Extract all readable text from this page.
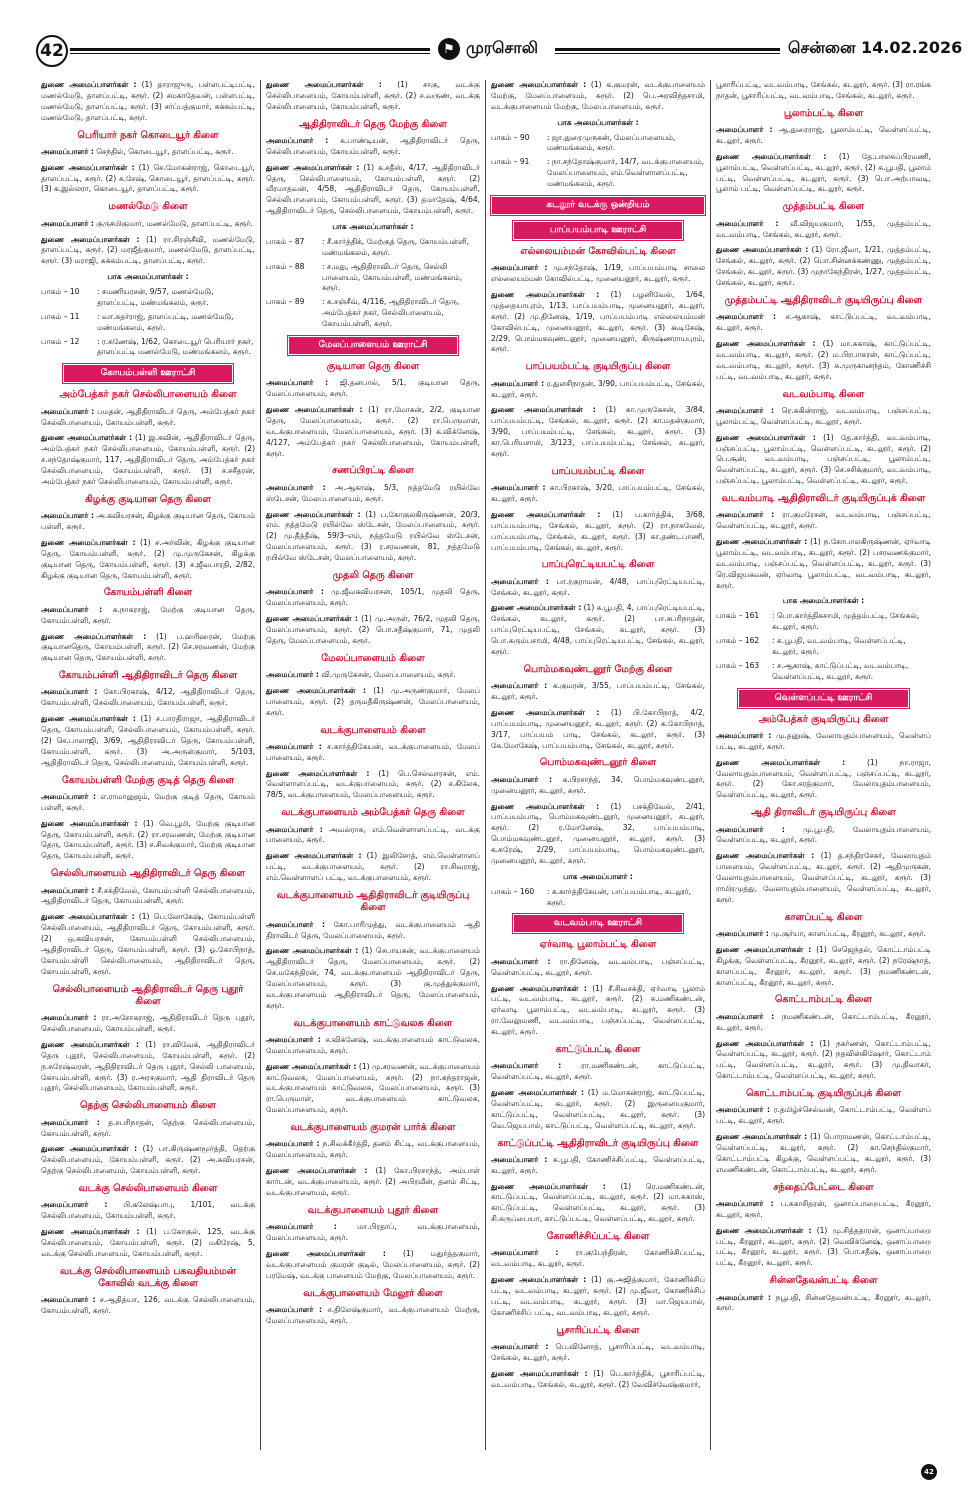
42	⚑ முரசொலி	சென்னை 14.02.2026
துணை அமைப்பாளர்கள் : (1) தாராஜுரு, பள்ளபட்டிபட்டி, மணல்மேடு, தாளப்பட்டி, கரூர். (2) சமகாதேவன், பள்ளபட்டி, மணல்மேடு, தாளப்பட்டி, கரூர். (3) சர்ப்பத்குமார், சுக்கம்பட்டி, மணல்மேடு, தாளப்பட்டி, கரூர்.
பெரியார் நகர் கொடையூர் கிளை
அமைப்பாளர் : செந்தில், கொடையூர், தாளப்பட்டி, கரூர்.
துணை அமைப்பாளர்கள் : (1) செ.மோகன்ராஜ், கொடையூர், தாளப்பட்டி, கரூர். (2) க.சேஷ், கொடையூர், தாளப்பட்டி, கரூர். (3) க.இல்லரா, கொடையூர், தாளப்பட்டி, கரூர்.
மணல்மேடு கிளை
அமைப்பாளர் : குருசமிகுமார், மணல்மேடு, தாளப்பட்டி, கரூர்.
துணை அமைப்பாளர்கள் : (1) ரா.சிரஞ்சீவி, மணல்மேடு, தாளப்பட்டி, கரூர். (2) மரஜீத்குமார், மணல்மேடு, தாளப்பட்டி, கரூர். (3) மராஜி, சுக்கம்பட்டி, தாளப்பட்டி, கரூர்.
பாக அமைப்பாளர்கள் :
பாகம் – 10	: சமணியரசன், 9/57, மணல்மேடு, தாளப்பட்டி, மண்மங்கலம், கரூர்.
பாகம் – 11	: வா.கதர்ராஜ், தாளப்பட்டி, மணல்மேடு, மண்மங்கலம், கரூர்.
பாகம் – 12	: ர.கணேஷ், 1/62, கொடையூர் பெரியார் நகர், தாளப்பட்டி மணல்மேடு, மண்மங்கலம், கரூர்.
கோயம்பள்ளி ஊராட்சி
அம்பேத்கர் நகர் செல்லிபாளையம் கிளை
அமைப்பாளர் : பமதன், ஆதிதிராவிடர் தெரு, அம்பேத்கர் நகர் செல்லிபாளையம், கோயம்பள்ளி, கரூர்.
துணை அமைப்பாளர்கள் : (1) இ.கவின், ஆதிதிராவிடர் தெரு, அம்பேத்கர் நகர் செல்லிபாளையம், கோயம்பள்ளி, கரூர். (2) ச.சந்தோஷ்குமார், 117, ஆதிதிராவிடர் தெரு, அம்பேத்கர் நகர் செல்லிபாளையம், கோயம்பள்ளி, கரூர். (3) ச.சசீதரன், அம்பேத்கர் நகர் செல்லிபாளையம், கோயம்பள்ளி, கரூர்.
கிழக்கு குடியான தெரு கிளை
அமைப்பாளர் : அ.கவியரசன், கிழக்கு குடியான தெரு, கோயம் பள்ளி, கரூர்.
துணை அமைப்பாளர்கள் : (1) ச.அர்வின், கிழக்கு குடியான தெரு, கோயம்பள்ளி, கரூர். (2) மு.முருகேசன், கிழக்கு குடியான தெரு, கோயம்பள்ளி, கரூர். (3) ச.ஜீவபாரதி, 2/82, கிழக்கு குடியான தெரு, கோயம்பள்ளி, கரூர்.
கோயம்பள்ளி கிளை
அமைப்பாளர் : க.நாகராஜ், மேற்கு குடியான தெரு, கோயம்பள்ளி, கரூர்.
துணை அமைப்பாளர்கள் : (1) ப.ஹரிஹரன், மேற்கு குடியானதெரு, கோயம்பள்ளி, கரூர். (2) செ.சரவணன், மேற்கு குடியான தெரு, கோயம்பள்ளி, கரூர்.
கோயம்பள்ளி ஆதிதிராவிடர் தெரு கிளை
அமைப்பாளர் : கோ.பிரகாஷ், 4/12, ஆதிதிராவிடர் தெரு, கோயம்பள்ளி, செல்லிபாளையம், கோயம்பள்ளி, கரூர்.
துணை அமைப்பாளர்கள் : (1) ச.பாரதிராஜா, ஆதிதிராவிடர் தெரு, கோயம்பள்ளி, செல்லிபாளையம், கோயம்பள்ளி, கரூர். (2) செ.பாலாஜி, 3/69, ஆதிதிராவிடர் தெரு, கோயம்பள்ளி, கோயம்பள்ளி, கரூர். (3) அ.அருள்குமார், 5/103, ஆதிதிராவிடர் தெரு, செல்லிபாளையம், கோயம்பள்ளி, கரூர்.
கோயம்பள்ளி மேற்கு குடித் தெரு கிளை
அமைப்பாளர் : எ.ராமானுஜம், மேற்கு குடித் தெரு, கோயம் பள்ளி, கரூர்.
துணை அமைப்பாளர்கள் : (1) வெ.பூமி, மேற்கு குடியான தெரு, கோயம்பள்ளி, கரூர். (2) ரா.சரவணன், மேற்கு குடியான தெரு, கோயம்பள்ளி, கரூர். (3) ச.சிவக்குமார், மேற்கு குடியான தெரு, கோயம்பள்ளி, கரூர்.
செல்லிபாளையம் ஆதிதிராவிடர் தெரு கிளை
அமைப்பாளர் : சீ.சக்திவேல், கோயம்பள்ளி செல்லிபாளையம், ஆதிதிராவிடர் தெரு, கோயம்பள்ளி, கரூர்.
துணை அமைப்பாளர்கள் : (1) பெ.லோகேஷ், கோயம்பள்ளி செல்லிபாளையம், ஆதிதிராவிடர் தெரு, கோயம்பள்ளி, கரூர். (2) ஒ.கவியரசன், கோயம்பள்ளி செல்லிபாளையம், ஆதிதிராவிடர் தெரு, கோயம்பள்ளி, கரூர். (3) ஓ.கோபிநாத், கோயம்பள்ளி செல்லிபாளையம், ஆதிதிராவிடர் தெரு, கோயம்பள்ளி, கரூர்.
செல்லிபாளையம் ஆதிதிராவிடர் தெரு புதூர் கிளை
அமைப்பாளர் : ரா.அசோகராஜ், ஆதிதிராவிடர் தெரு புதூர், செல்லிபாளையம், கோயம்பள்ளி, கரூர்.
துணை அமைப்பாளர்கள் : (1) ரா.விவேக், ஆதிதிராவிடர் தெரு புதூர், செல்லிபாளையம், கோயம்பள்ளி, கரூர். (2) ந.சுரேஷ்வரன், ஆதிதிராவிடர் தெரு புதூர், செல்லி பாளையம், கோயம்பள்ளி, கரூர். (3) ர.அரசகுமார், ஆதி திராவிடர் தெரு புதூர், செல்லிபாளையம், கோயம்பள்ளி, கரூர்.
தெற்கு செல்லிபாளையம் கிளை
அமைப்பாளர் : த.சபரிநாதன், தெற்கு செல்லிபாளையம், கோயம்பள்ளி, கரூர்.
துணை அமைப்பாளர்கள் : (1) பா.கிருஷ்ணமூர்த்தி, தெற்கு செல்லிபாளையம், கோயம்பள்ளி, கரூர். (2) அ.கவியரசன், தெற்கு செல்லிபாளையம், கோயம்பள்ளி, கரூர்.
வடக்கு செல்லிபாளையம் கிளை
அமைப்பாளர் : பி.கலேஷ்பாபு, 1/101, வடக்கு செல்லிபாளையம், கோயம்பள்ளி, கரூர்.
துணை அமைப்பாளர்கள் : (1) ப.கோகுல், 125, வடக்கு செல்லிபாளையம், கோயம்பள்ளி, கரூர். (2) மகிரேஷ், 5, வடக்கு செல்லிபாளையம், கோயம்பள்ளி, கரூர்.
வடக்கு செல்லிபாளையம் பகவதியம்மன் கோவில் வடக்கு கிளை
அமைப்பாளர் : ச.ஆதித்யா, 126, வடக்கு செல்லிபாளையம், கோயம்பள்ளி, கரூர்.
துணை அமைப்பாளர்கள் : (1) சாகு, வடக்கு செல்லிபாளையம், கோயம்பள்ளி, கரூர். (2) ச.வருண், வடக்கு செல்லிபாளையம், கோயம்பள்ளி, கரூர்.
ஆதிதிராவிடர் தெரு மேற்கு கிளை
அமைப்பாளர் : க.பாண்டியன், ஆதிதிராவிடர் தெரு, செல்லிபாளையம், கோயம்பள்ளி, கரூர்.
துணை அமைப்பாளர்கள் : (1) க.சதீஸ், 4/17, ஆதிதிராவிடர் தெரு, செல்லிபாளையம், கோயம்பள்ளி, கரூர். (2) வீரமாதவன், 4/58, ஆதிதிராவிடர் தெரு, கோயம்பள்ளி, செல்லிபாளையம், கோயம்பள்ளி, கரூர். (3) தமாதேஷ், 4/64, ஆதிதிராவிடர் தெரு, செல்லிபாளையம், கோயம்பள்ளி, கரூர்.
பாக அமைப்பாளர்கள் :
பாகம் – 87	: சீ.கார்த்திக், மேற்குத் தெரு, கோயம்பள்ளி, மண்மங்கலம், கரூர்.
பாகம் – 88	: ச.மது, ஆதிதிராவிடர் தெரு, செல்லி பாளையம், கோயம்பள்ளி, மண்மங்கலம், கரூர்.
பாகம் – 89	: க.சஞ்சீவ், 4/116, ஆதிதிராவிடர் தெரு, அம்பேத்கர் நகர், செல்லிபாளையம், கோயம்பள்ளி, கரூர்.
மேலப்பாளையம் ஊராட்சி
குடியான தெரு கிளை
அமைப்பாளர் : ஜி.தனபால், 5/1, குடியான தெரு, மேலப்பாளையம், கரூர்.
துணை அமைப்பாளர்கள் : (1) ரா.மோகன், 2/2, குடியான தெரு, மேலப்பாளையம், கரூர். (2) ரா.பெருமாள், வடக்குபாளையம், மேலப்பாளையம், கரூர். (3) க.விக்னேஷ், 4/127, அம்பேத்கர் நகர் செல்லிபாளையம், கோயம்பள்ளி, கரூர்.
சணப்பிரட்டி கிளை
அமைப்பாளர் : அ.ஆகாஷ், 5/3, நத்தமேடு ரயில்வே ஸ்டேசன், மேலப்பாளையம், கரூர்.
துணை அமைப்பாளர்கள் : (1) ப.கோகுலகிருஷ்ணன், 20/3, எம். நத்தமேடு ரயில்வே ஸ்டேசன், மேலப்பாளையம், கரூர். (2) மு.தீத்தீஷ், 59/3–எம், நத்தமேடு ரயில்வே ஸ்டேசன், மேலப்பாளையம், கரூர். (3) ர.சரவணன், 81, நத்தமேடு ரயில்வே ஸ்டேசன், மேலப்பாளையம், கரூர்.
முதலி தெரு கிளை
அமைப்பாளர் : மு.ஜீவகவியரசன், 105/1, முதலி தெரு, மேலப்பாளையம், கரூர்.
துணை அமைப்பாளர்கள் : (1) மு.அருள், 76/2, முதலி தெரு, மேலப்பாளையம், கரூர். (2) பொ.சதீஷ்குமார், 71, முதலி தெரு, மேலப்பாளையம், கரூர்.
மேலப்பாளையம் கிளை
அமைப்பாளர் : வி.முருகேசன், மேலப்பாளையம், கரூர்.
துணை அமைப்பாளர்கள் : (1) மு.அருண்குமார், மேலப் பாளையம், கரூர். (2) தருமதீகிருஷ்ணன், மேலப்பாளையம், கரூர்.
வடக்குபாளையம் கிளை
அமைப்பாளர் : ச.கார்த்திகேயன், வடக்குபாளையம், மேலப் பாளையம், கரூர்.
துணை அமைப்பாளர்கள் : (1) பெ.செல்வாரசன், எம். வெள்ளாளப்பட்டி, வடக்குபாளையம், கரூர். (2) ச.கிலேசு, 78/5, வடக்குபாளையம், மேலப்பாளையம், கரூர்.
வடக்குபாளையம் அம்பேத்கர் தெரு கிளை
அமைப்பாளர் : அவல்ராசு, எம்.வெள்ளாளப்பட்டி, வடக்கு பாளையம், கரூர்.
துணை அமைப்பாளர்கள் : (1) இலிசோத், எம்.வெள்ளாளப் பட்டி, வடக்குபாளையம், கரூர். (2) ரா.சிவராஜ், எம்.வெள்ளாளப் பட்டி, வடக்குபாளையம், கரூர்.
வடக்குபாளையம் ஆதிதிராவிடர் குடியிருப்பு கிளை
அமைப்பாளர் : கோ.பாரிமுத்து, வடக்குபாளையம் ஆதி திராவிடர் தெரு, மேலப்பாளையம், கரூர்.
துணை அமைப்பாளர்கள் : (1) செபாயகன், வடக்குபாளையம் ஆதிதிராவிடர் தெரு, மேலப்பாளையம், கரூர். (2) செ.மகேந்திரன், 74, வடக்குபாளையம் ஆதிதிராவிடர் தெரு, மேலப்பாளையம், கரூர். (3) கு.முத்துக்குமார், வடக்குபாளையம் ஆதிதிராவிடர் தெரு, மேலப்பாளையம், கரூர்.
வடக்குபாளையம் காட்டுவலசு கிளை
அமைப்பாளர் : ச.விக்னேஷ், வடக்குபாளையம் காட்டுவலசு, மேலப்பாளையம், கரூர்.
துணை அமைப்பாளர்கள் : (1) மு.சரவணன், வடக்குபாளையம் காட்டுவலசு, மேலப்பாளையம், கரூர். (2) நா.கந்தராஜன், வடக்குபாளையம் காட்டுவலசு, மேலப்பாளையம், கரூர். (3) ரா.பெருமாள், வடக்குபாளையம் காட்டுவலசு, மேலப்பாளையம், கரூர்.
வடக்குபாளையம் குமரன் பார்க் கிளை
அமைப்பாளர் : ந.சிவக்கீர்த்தி, தனம் சிட்டி, வடக்குபாளையம், மேலப்பாளையம், கரூர்.
துணை அமைப்பாளர்கள் : (1) கோ.பிரசாந்த், அம்பாள் கார்டன், வடக்குபாளையம், கரூர். (2) அபிரவீன், தனம் சிட்டி, வடக்குபாளையம், கரூர்.
வடக்குபாளையம் புதூர் கிளை
அமைப்பாளர் :	மா.பிரதாப், வடக்குபாளையம், மேலப்பாளையம், கரூர்.
துணை அமைப்பாளர்கள் : (1) மதுர்த்தகுமார், வடக்குபாளையம் குமரன் குடில், மேலப்பாளையம், கரூர். (2) பரமேஷ், வடக்கு பாளையம் மேற்கு, மேலப்பாளையம், கரூர்.
வடக்குபாளையம் மேலூர் கிளை
அமைப்பாளர் : ச.திலேஷ்குமார், வடக்குபாளையம் மேற்கு, மேலப்பாளையம், கரூர்.
துணை அமைப்பாளர்கள் : (1) க.குமரன், வடக்குபாளையம் மேற்கு, மேலப்பாளையம், கரூர். (2) பெ.அரவிந்தசாமி, வடக்குபாளையம் மேற்கு, மேலப்பாளையம், கரூர்.
பாக அமைப்பாளர்கள் :
பாகம் – 90	: ஜா.துரைமுருகன், மேலப்பாளையம், மண்மங்கலம், கரூர்.
பாகம் – 91	: நா.சந்தோஷ்குமார், 14/7, வடக்குபாளையம், மேலப்பாளையம், எம்.வெள்ளாளப்பட்டி, மண்மங்கலம், கரூர்.
கடலூர் வடக்கு ஒன்றியம்
பாப்பயம்பாடி ஊராட்சி
எல்லையம்மன் கோவில்பட்டி கிளை
அமைப்பாளர் : மு.சந்தோஷ், 1/19, பாப்பயம்பாடி சாலை எல்லையம்மன் கோவில்பட்டி, முனையனூர், கடலூர், கரூர்.
துணை அமைப்பாளர்கள் : (1) பழனிவேல், 1/64, முத்தையாபுரம், 1/13, பாப்பயம்பாடி, முனையனூர், கடலூர், கரூர். (2) மு.தினேஷ், 1/19, பாப்பயம்பாடி எல்லையம்மன் கோவில்பட்டி, முனையனூர், கடலூர், கரூர். (3) கூடிசேஷ், 2/29, பொம்மகவுண்டனூர், முனையனூர், கிருஷ்ணராயபுரம், கரூர்.
பாப்பயம்பட்டி குடியிருப்பு கிளை
அமைப்பாளர் : ர.துளசிநாதன், 3/90, பாப்பயம்பட்டி, சேங்கல், கடலூர், கரூர்.
துணை அமைப்பாளர்கள் : (1) கா.முருகேசன், 3/84, பாப்பயம்பட்டி, சேங்கல், கடலூர், கரூர். (2) கா.மதன்குமார், 3/90, பாப்பயம்பட்டி, சேங்கல், கடலூர், கரூர். (3) கா.பெரியசாமி, 3/123, பாப்பயம்பட்டி, சேங்கல், கடலூர், கரூர்.
பாப்பயம்பட்டி கிளை
அமைப்பாளர் : கா.பிரகாஷ், 3/20, பாப்பயம்பட்டி, சேங்கல், கடலூர், கரூர்.
துணை அமைப்பாளர்கள் : (1) ப.கார்த்திக், 3/68, பாப்பயம்பாடி, சேங்கல், கடலூர், கரூர். (2) ரா.நாகவேல், பாப்பயம்பாடி, சேங்கல், கடலூர், கரூர். (3) கா.தண்டபாணி, பாப்பயம்பாடி, சேங்கல், கடலூர், கரூர்.
பாப்புரெட்டியபட்டி கிளை
அமைப்பாளர் : பா.ரகுராமன், 4/48, பாப்புரெட்டியபட்டி, சேங்கல், கடலூர், கரூர்.
துணை அமைப்பாளர்கள் : (1) சு.பூபதி, 4, பாப்புரெட்டியபட்டி, சேங்கல், கடலூர், கரூர். (2) பா.சபரிநாதன், பாப்புரெட்டியபட்டி, சேங்கல், கடலூர், கரூர். (3) பொ.சுரும்பசாமி, 4/48, பாப்புரெட்டியபட்டி, சேங்கல், கடலூர், கரூர்.
பொம்மகவுண்டனூர் மேற்கு கிளை
அமைப்பாளர் : க.குமரன், 3/55, பாப்பயம்பட்டி, சேங்கல், கடலூர், கரூர்.
துணை அமைப்பாளர்கள் : (1) பி.கோபிநாத், 4/2, பாப்பயம்பாடி, முனையனூர், கடலூர், கரூர். (2) க.கோபிநாத், 3/17, பாப்பயம் பாடி, சேங்கல், கடலூர், கரூர். (3) கே.மோகேஷ், பாப்பயம்பாடி, சேங்கல், கடலூர், கரூர்.
பொம்மகவுண்டனூர் கிளை
அமைப்பாளர் : க.பிரசாந்த், 34, பொம்மகவுண்டனூர், முனையனூர், கடலூர், கரூர்.
துணை அமைப்பாளர்கள் : (1) பசக்திவேல், 2/41, பாப்பயம்பாடி, பொம்மகவுண்டனூர், முனையனூர், கடலூர், கரூர். (2) ர.மோனேஷ், 32, பாப்பயம்பாடி, பொம்மகவுண்டனூர், முனையனூர், கடலூர், கரூர். (3) க.சுரேஷ், 2/29, பாப்பயம்பாடி, பொம்மகவுண்டனூர், முனையனூர், கடலூர், கரூர்.
பாக அமைப்பாளர் :
பாகம் – 160	: க.கார்த்திகேயன், பாப்பயம்பாடி, கடலூர், கரூர்.
வடவம்பாடி ஊராட்சி
ஏர்வாடி பூலாம்பட்டி கிளை
அமைப்பாளர் : ரா.தினேஷ், வடவம்பாடி, பஞ்சப்பட்டி, வெள்ளப்பட்டி, கடலூர், கரூர்.
துணை அமைப்பாளர்கள் : (1) சீ.சிவசக்தி, ஏர்வாடி பூலாம் பட்டி, வடவம்பாடி, கடலூர், கரூர். (2) சு.மணிகண்டன், ஏர்வாடி பூலாம்பட்டி, வடவம்பாடி, கடலூர், கரூர். (3) ரா.வேலுமணி, வடவம்பாடி, பஞ்சப்பட்டி, வெள்ளப்பட்டி, கடலூர், கரூர்.
காட்டுப்பட்டி கிளை
அமைப்பாளர் :	ரா.மணிகண்டன், காட்டுப்பட்டி, வெள்ளப்பட்டி, கடலூர், கரூர்.
துணை அமைப்பாளர்கள் : (1) ம.மோகன்ராஜ், காட்டுப்பட்டி, வெள்ளப்பட்டி, கடலூர், கரூர். (2) இருளையகுமார், காட்டுப்பட்டி, வெள்ளப்பட்டி, கடலூர், கரூர். (3) வெ.ஜெயபால், காட்டுப்பட்டி, வெள்ளப்பட்டி, கடலூர், கரூர்.
காட்டுப்பட்டி ஆதிதிராவிடர் குடியிருப்பு கிளை
அமைப்பாளர் : சு.பூபதி, கோணிச்சிப்பட்டி, வெள்ளப்பட்டி, கடலூர், கரூர்.
துணை அமைப்பாளர்கள் : (1) ரெ.மணிகண்டன், காட்டுப்பட்டி, வெள்ளப்பட்டி, கடலூர், கரூர். (2) மா.சுகாஸ், காட்டுப்பட்டி, வெள்ளப்பட்டி, கடலூர், கரூர். (3) சி.சுருப்பையா, காட்டுப்பட்டி, வெள்ளப்பட்டி, கடலூர், கரூர்.
கோணிச்சிப்பட்டி கிளை
அமைப்பாளர் : ரா.குபேந்திரன், கோணிச்சிப்பட்டி, வடவம்பாடி, கடலூர், கரூர்.
துணை அமைப்பாளர்கள் : (1) கு.அஜித்குமார், கோணிச்சிப் பட்டி, வடவம்பாடி, கடலூர், கரூர். (2) மு.ஜீவா, கோணிச்சிப் பட்டி, வடவம்பாடி, கடலூர், கரூர். (3) மா.ஜெயபால், கோணிச்சிப் பட்டி, வடவம்பாடி, கடலூர், கரூர்.
பூசாரிப்பட்டி கிளை
அமைப்பாளர் : பெ.வினோத், பூசாரிப்பட்டி, வடவம்பாடி, சேங்கல், கடலூர், கரூர்.
துணை அமைப்பாளர்கள் : (1) பெ.கார்த்திக், பூசாரிப்பட்டி, வடவம்பாடி, சேங்கல், கடலூர், கரூர். (2) வேவிச்வேஷ்குமார்,
பூசாரிப்பட்டி, வடவம்பாடி, சேங்கல், கடலூர், கரூர். (3) ரா.ரங்க நாதன், பூசாரிப்பட்டி, வடவம்பாடி, சேங்கல், கடலூர், கரூர்.
பூலாம்பட்டி கிளை
அமைப்பாளர் : ஆ.துரைராஜ், பூலாம்பட்டி, வெள்ளப்பட்டி, கடலூர், கரூர்.
துணை அமைப்பாளர்கள் : (1) தே.பாலசுப்பிரமணி, பூலாம்பட்டி, வெள்ளப்பட்டி, கடலூர், கரூர். (2) சு.பூபதி, பூலாம் பட்டி, வெள்ளப்பட்டி, கடலூர், கரூர். (3) பொ.அற்பாவடி, பூலாம் பட்டி, வெள்ளப்பட்டி, கடலூர், கரூர்.
முத்தம்பட்டி கிளை
அமைப்பாளர் : வீ.விஜயகுமார், 1/55, முத்தம்பட்டி, வடவம்பாடி, சேங்கல், கடலூர், கரூர்.
துணை அமைப்பாளர்கள் : (1) ரோ.ஜீவா, 1/21, முத்தம்பட்டி, சேங்கல், கடலூர், கரூர். (2) பொ.சின்னக்கண்ணு, முத்தம்பட்டி, சேங்கல், கடலூர், கரூர். (3) முநாகேந்திரன், 1/27, முத்தம்பட்டி, சேங்கல், கடலூர், கரூர்.
முத்தம்பட்டி ஆதிதிராவிடர் குடியிருப்பு கிளை
அமைப்பாளர் : ச.ஆகாஷ், காட்டுப்பட்டி, வடவம்பாடி, கடலூர், கரூர்.
துணை அமைப்பாளர்கள் : (1) மா.சுகாஷ், காட்டுப்பட்டி, வடவம்பாடி, கடலூர், கரூர். (2) ம.பிரபாகரன், காட்டுப்பட்டி, வடவம்பாடி, கடலூர், கரூர். (3) சு.முருகானந்தம், கோணிச்சி பட்டி, வடவம்பாடி, கடலூர், கரூர்.
வடவம்பாடி கிளை
அமைப்பாளர் : ரெ.சுகின்ராஜ், வடவம்பாடி, பஞ்சப்பட்டி, பூலாம்பட்டி, வெள்ளப்பட்டி, கடலூர், கரூர்.
துணை அமைப்பாளர்கள் : (1) தே.கார்த்தி, வடவம்பாடி, பஞ்சப்பட்டி, பூலாம்பட்டி, வெள்ளப்பட்டி, கடலூர், கரூர். (2) பெ.சூன், வடவம்பாடி, பஞ்சப்பட்டி, பூலாம்பட்டி, வெள்ளப்பட்டி, கடலூர், கரூர். (3) செ.சசிக்குமார், வடவம்பாடி, பஞ்சப்பட்டி, பூலாம்பட்டி, வெள்ளப்பட்டி, கடலூர், கரூர்.
வடவம்பாடி ஆதிதிராவிடர் குடியிருப்புக் கிளை
அமைப்பாளர் : ரா.குமரேசன், வடவம்பாடி, பஞ்சப்பட்டி, வெள்ளப்பட்டி, கடலூர், கரூர்.
துணை அமைப்பாளர்கள் : (1) ந.கோபாலகிருஷ்ணன், ஏர்வாடி பூலாம்பட்டி, வடவம்பாடி, கடலூர், கரூர். (2) பசரவணக்குமார், வடவம்பாடி, பஞ்சப்பட்டி, வெள்ளப்பட்டி, கடலூர், கரூர். (3) ரெ.விஜயகவன், ஏர்வாடி பூலாம்பட்டி, வடவம்பாடி, கடலூர், கரூர்.
பாக அமைப்பாளர்கள் :
பாகம் – 161	: பொ.கார்த்திகசாமி, முத்தம்பட்டி, சேங்கல், கடலூர், கரூர்.
பாகம் – 162	: சு.பூபதி, வடவம்பாடி, வெள்ளப்பட்டி, கடலூர், கரூர்.
பாகம் – 163	: ச.ஆகாஷ், காட்டுப்பட்டி, வடவம்பாடி, வெள்ளப்பட்டி, கடலூர், கரூர்.
வெள்ளப்பட்டி ஊராட்சி
அம்பேத்கர் குடியிருப்பு கிளை
அமைப்பாளர் : மு.தனுஷ், வேலாயுதம்பாளையம், வெள்ளப் பட்டி, கடலூர், கரூர்.
துணை அமைப்பாளர்கள் :	(1) நா.ராஜா, வேலாயுதம்பாளையம், வெள்ளப்பட்டி, பஞ்சப்பட்டி, கடலூர், கரூர். (2) கோ.சரத்குமார், வேலாயுதம்பாளையம், வெள்ளப்பட்டி, கடலூர், கரூர்.
ஆதி திராவிடர் குடியிருப்பு கிளை
அமைப்பாளர் : மு.பூபதி, வேலாயுதம்பாளையம், வெள்ளப்பட்டி, கடலூர், கரூர்.
துணை அமைப்பாளர்கள் : (1) த.சந்திரசேகர், வேலாயுதம் பாளையம், வெள்ளப்பட்டி, கடலூர், கரூர். (2) ஆதிமுருகன், வேலாயுதம்பாளையம், வெள்ளப்பட்டி, கடலூர், கரூர். (3) ராமிரமுத்து, வேலாயுதம்பாளையம், வெள்ளப்பட்டி, கடலூர், கரூர்.
காளப்பட்டி கிளை
அமைப்பாளர் : மு.சூர்யா, காளப்பட்டி, கீரனூர், கடலூர், கரூர்.
துணை அமைப்பாளர்கள் : (1) செஜெந்தல், கொட்டாம்பட்டி கிழக்கு, வெள்ளப்பட்டி, கீரனூர், கடலூர், கரூர். (2) நரேஷ்நாத், காளப்பட்டி, கீரனூர், கடலூர், கரூர். (3) நமணிகண்டன், காளப்பட்டி, கீரனூர், கடலூர், கரூர்.
கொட்டாம்பட்டி கிளை
அமைப்பாளர் : நமணிகண்டன், கொட்டாம்பட்டி, கீரனூர், கடலூர், கரூர்.
துணை அமைப்பாளர்கள் : (1) நகர்ணன், கொட்டாம்பட்டி, வெள்ளப்பட்டி, கடலூர், கரூர். (2) நதவின்கிஷோர், கொட்டாம் பட்டி, வெள்ளப்பட்டி, கடலூர், கரூர். (3) மு.திவாகர், கொட்டாம்பட்டி, வெள்ளப்பட்டி, கடலூர், கரூர்.
கொட்டாம்பட்டி குடியிருப்புக் கிளை
அமைப்பாளர் : ர.தமிழ்ச்செல்வன், கொட்டாம்பட்டி, வெள்ளப் பட்டி, கடலூர், கரூர்.
துணை அமைப்பாளர்கள் : (1) பொராமணன், கொட்டாம்பட்டி, வெள்ளப்பட்டி, கடலூர், கரூர். (2) கா.செந்தில்குமார், கொட்டாம்பட்டி கிழக்கு, வெள்ளப்பட்டி, கடலூர், கரூர். (3) எமணிகண்டன், கொட்டாம்பட்டி, கடலூர், கரூர்.
சந்தைப்பேட்டை கிளை
அமைப்பாளர் : ப.சுகாசிதரன், ஒனாப்பாறைபட்டி, கீரனூர், கடலூர், கரூர்.
துணை அமைப்பாளர்கள் : (1) மு.சித்ததாரன், ஒனாப்பாறை பட்டி, கீரனூர், கடலூர், கரூர். (2) வெவிக்னேஷ், ஒனாப்பாறை பட்டி, கீரனூர், கடலூர், கரூர். (3) பொ.சதீஷ், ஒனாப்பாறை பட்டி, கீரனூர், கடலூர், கரூர்.
சின்னதேவன்பட்டி கிளை
அமைப்பாளர் : நபூபதி, சின்னதேவன்பட்டி, கீரனூர், கடலூர், கரூர்.
42
